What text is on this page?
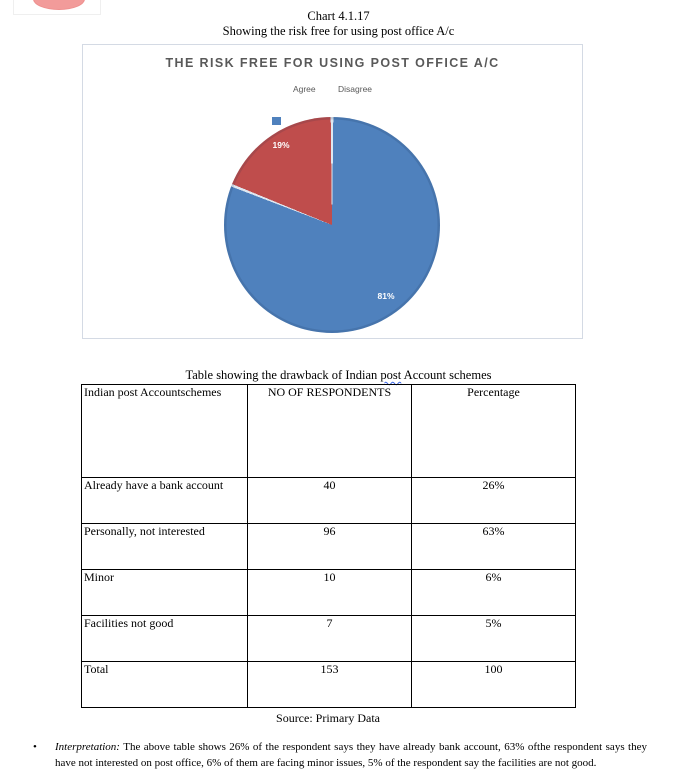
Chart 4.1.17
Showing the risk free for using post office A/c
THE RISK FREE FOR USING POST OFFICE A/C
Agree	Disagree
19%
81%
Table showing the drawback of Indian post Account schemes
Indian post Accountschemes	NO OF RESPONDENTS	Percentage
Already have a bank account	40	26%
Personally, not interested	96	63%
Minor	10	6%
Facilities not good	7	5%
Total	153	100
Source: Primary Data
• Interpretation: The above table shows 26% of the respondent says they have already bank account, 63% ofthe respondent says they have not interested on post office, 6% of them are facing minor issues, 5% of the respondent say the facilities are not good.
